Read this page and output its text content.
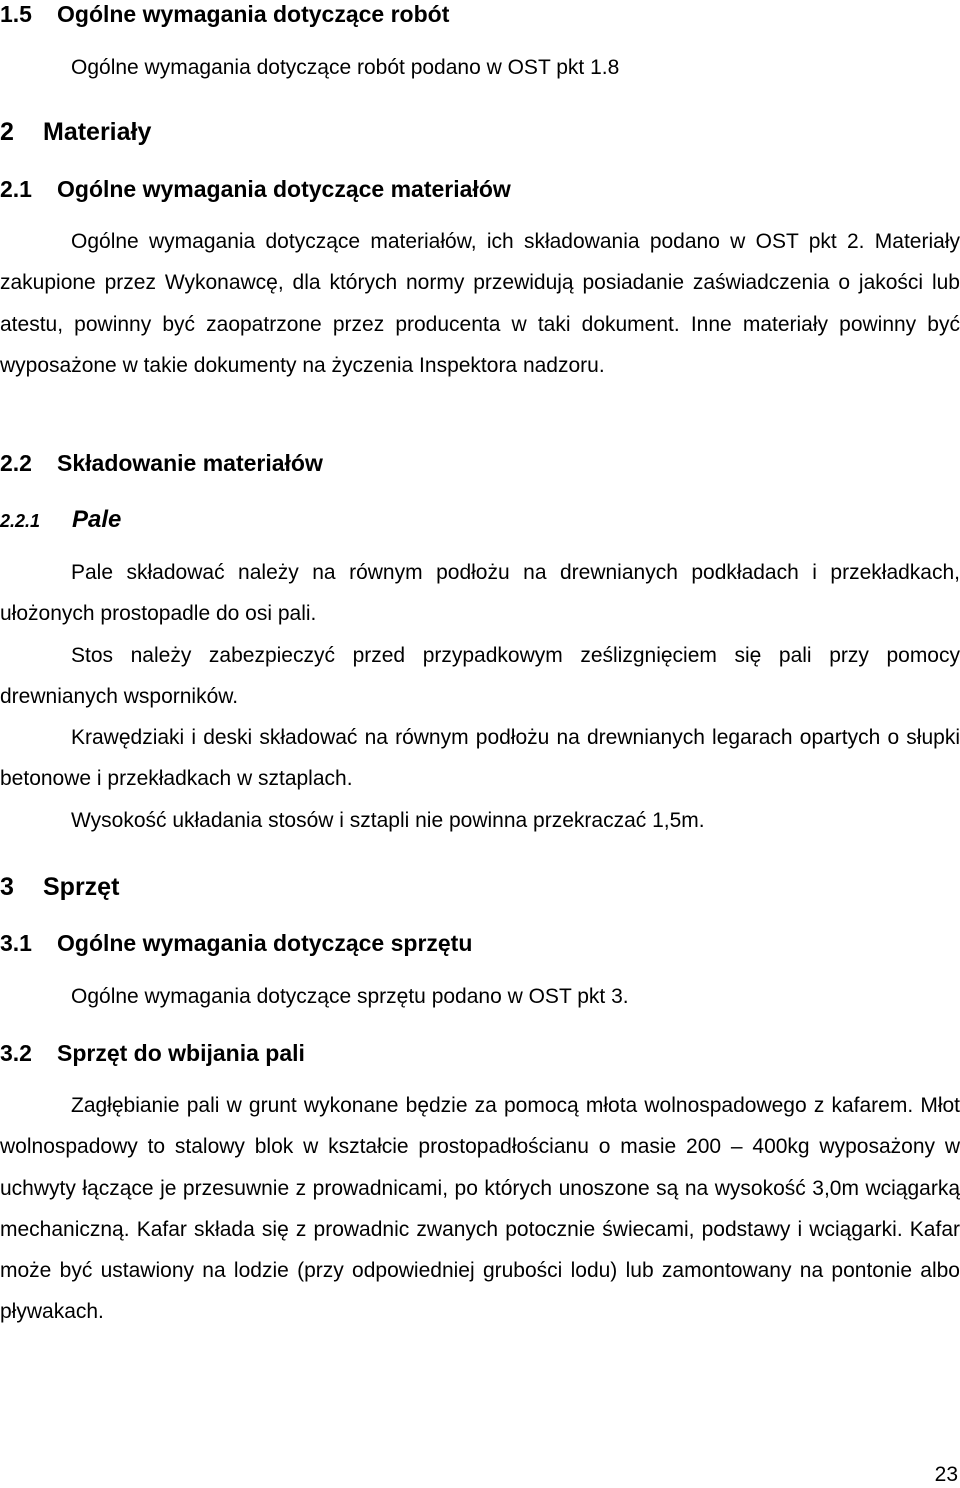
1.5 Ogólne wymagania dotyczące robót
Ogólne wymagania dotyczące robót podano w OST pkt 1.8
2 Materiały
2.1 Ogólne wymagania dotyczące materiałów

Ogólne wymagania dotyczące materiałów, ich składowania podano w OST pkt 2. Materiały zakupione przez Wykonawcę, dla których normy przewidują posiadanie zaświadczenia o jakości lub atestu, powinny być zaopatrzone przez producenta w taki dokument. Inne materiały powinny być wyposażone w takie dokumenty na życzenia Inspektora nadzoru.

2.2 Składowanie materiałów
2.2.1 Pale

Pale składować należy na równym podłożu na drewnianych podkładach i przekładkach, ułożonych prostopadle do osi pali.

Stos należy zabezpieczyć przed przypadkowym ześlizgnięciem się pali przy pomocy drewnianych wsporników.

Krawędziaki i deski składować na równym podłożu na drewnianych legarach opartych o słupki betonowe i przekładkach w sztaplach.

Wysokość układania stosów i sztapli nie powinna przekraczać 1,5m.

3 Sprzęt
3.1 Ogólne wymagania dotyczące sprzętu
Ogólne wymagania dotyczące sprzętu podano w OST pkt 3.
3.2 Sprzęt do wbijania pali

Zagłębianie pali w grunt wykonane będzie za pomocą młota wolnospadowego z kafarem. Młot wolnospadowy to stalowy blok w kształcie prostopadłościanu o masie 200 – 400kg wyposażony w uchwyty łączące je przesuwnie z prowadnicami, po których unoszone są na wysokość 3,0m wciągarką mechaniczną. Kafar składa się z prowadnic zwanych potocznie świecami, podstawy i wciągarki. Kafar może być ustawiony na lodzie (przy odpowiedniej grubości lodu) lub zamontowany na pontonie albo pływakach.

23
